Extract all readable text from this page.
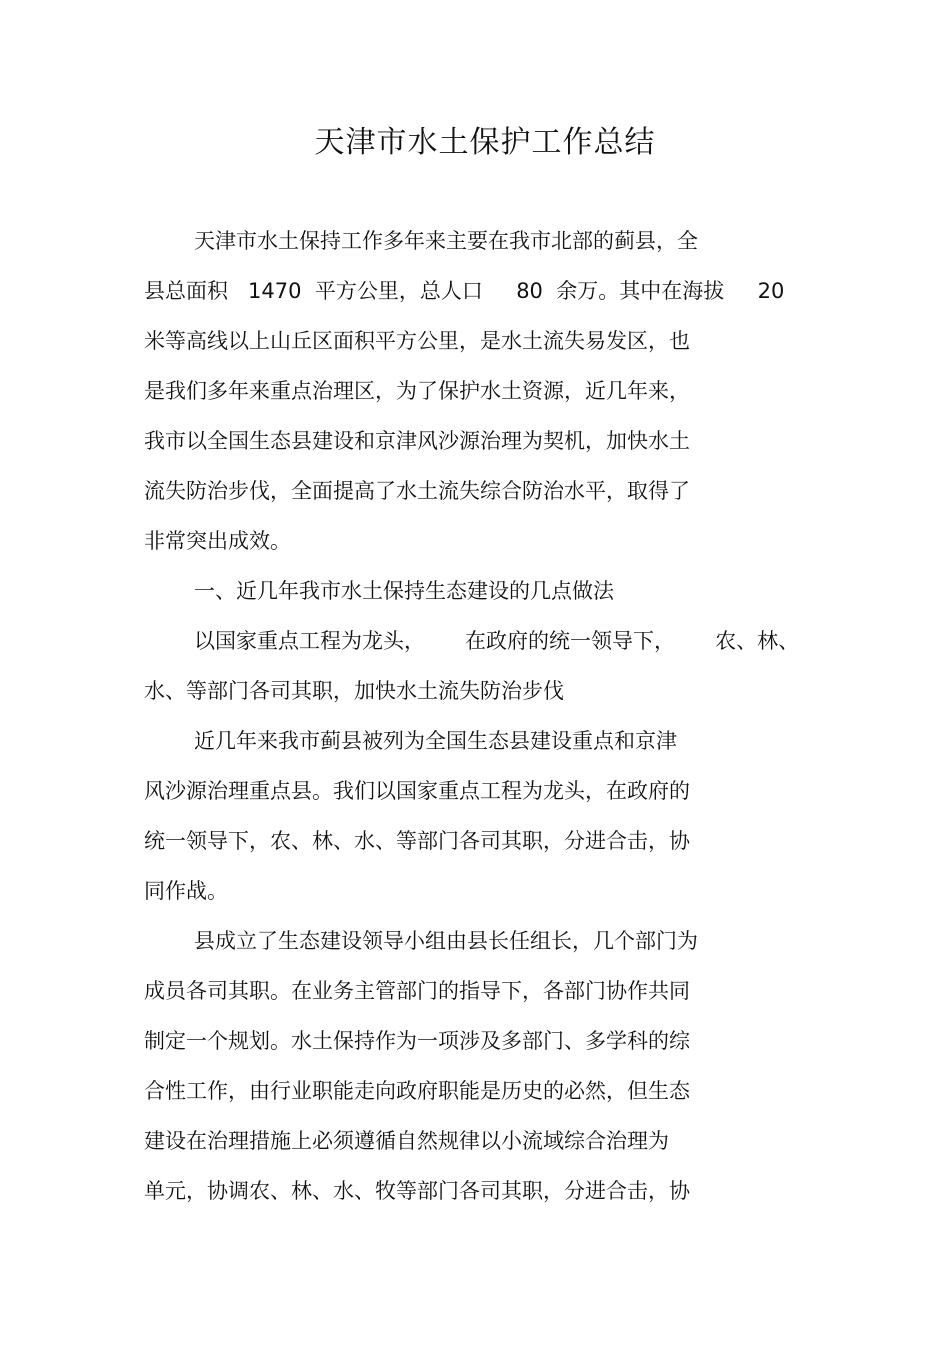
天津市水土保护工作总结
天津市水土保持工作多年来主要在我市北部的蓟县，全
县总面积   1470  平方公里，总人口     80  余万。其中在海拔     20
米等高线以上山丘区面积平方公里，是水土流失易发区，也
是我们多年来重点治理区，为了保护水土资源，近几年来，
我市以全国生态县建设和京津风沙源治理为契机，加快水土
流失防治步伐，全面提高了水土流失综合防治水平，取得了
非常突出成效。
一、近几年我市水土保持生态建设的几点做法
以国家重点工程为龙头，      在政府的统一领导下，      农、林、
水、等部门各司其职，加快水土流失防治步伐
近几年来我市蓟县被列为全国生态县建设重点和京津
风沙源治理重点县。我们以国家重点工程为龙头，在政府的
统一领导下，农、林、水、等部门各司其职，分进合击，协
同作战。
县成立了生态建设领导小组由县长任组长，几个部门为
成员各司其职。在业务主管部门的指导下，各部门协作共同
制定一个规划。水土保持作为一项涉及多部门、多学科的综
合性工作，由行业职能走向政府职能是历史的必然，但生态
建设在治理措施上必须遵循自然规律以小流域综合治理为
单元，协调农、林、水、牧等部门各司其职，分进合击，协
